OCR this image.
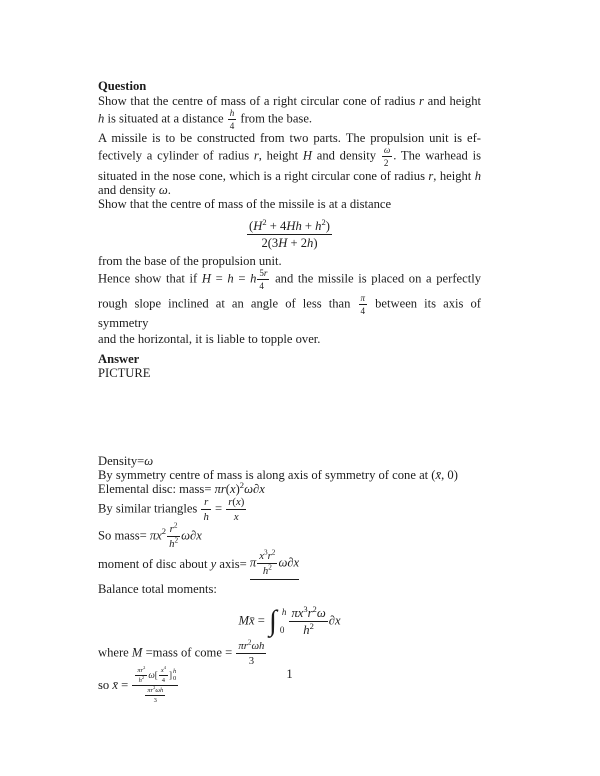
Question
Show that the centre of mass of a right circular cone of radius r and height
h is situated at a distance $\frac{h}{4}$ from the base.
A missile is to be constructed from two parts. The propulsion unit is ef-
fectively a cylinder of radius r, height H and density $\frac{\omega}{2}$ . The warhead is
situated in the nose cone, which is a right circular cone of radius r, height h
and density ω.
Show that the centre of mass of the missile is at a distance
$\frac{(H^2 + 4Hh + h^2)}{2(3H + 2h)}$
from the base of the propulsion unit.
Hence show that if H = h = h $\frac{5r}{4}$ and the missile is placed on a perfectly
rough slope inclined at an angle of less than $\frac{\pi}{4}$ between its axis of symmetry
and the horizontal, it is liable to topple over.
Answer
PICTURE
Density=ω
By symmetry centre of mass is along axis of symmetry of cone at (x̄, 0)
Elemental disc: mass= $\pi r(x)^2\omega\partial x$
By similar triangles $\frac{r}{h} = \frac{r(x)}{x}$
So mass= $\pi x^2 \frac{r^2}{h^2} \omega\partial x$
moment of disc about y axis= π $\frac{x^3r^2}{h^2} \omega\partial x$
Balance total moments:
Mx̄ = ∫ h
$0 \frac{\pi x^3r^2\omega}{h^2} \partial x$
where M =mass of come = $\frac{\pi r^2\omega h}{3}$
so x̄ = $\frac{\pi r^2}{h^2} \omega[ \frac{x^4}{4}$ ] h
0
$\frac{\pi r^2\omega h}{3}$	1
